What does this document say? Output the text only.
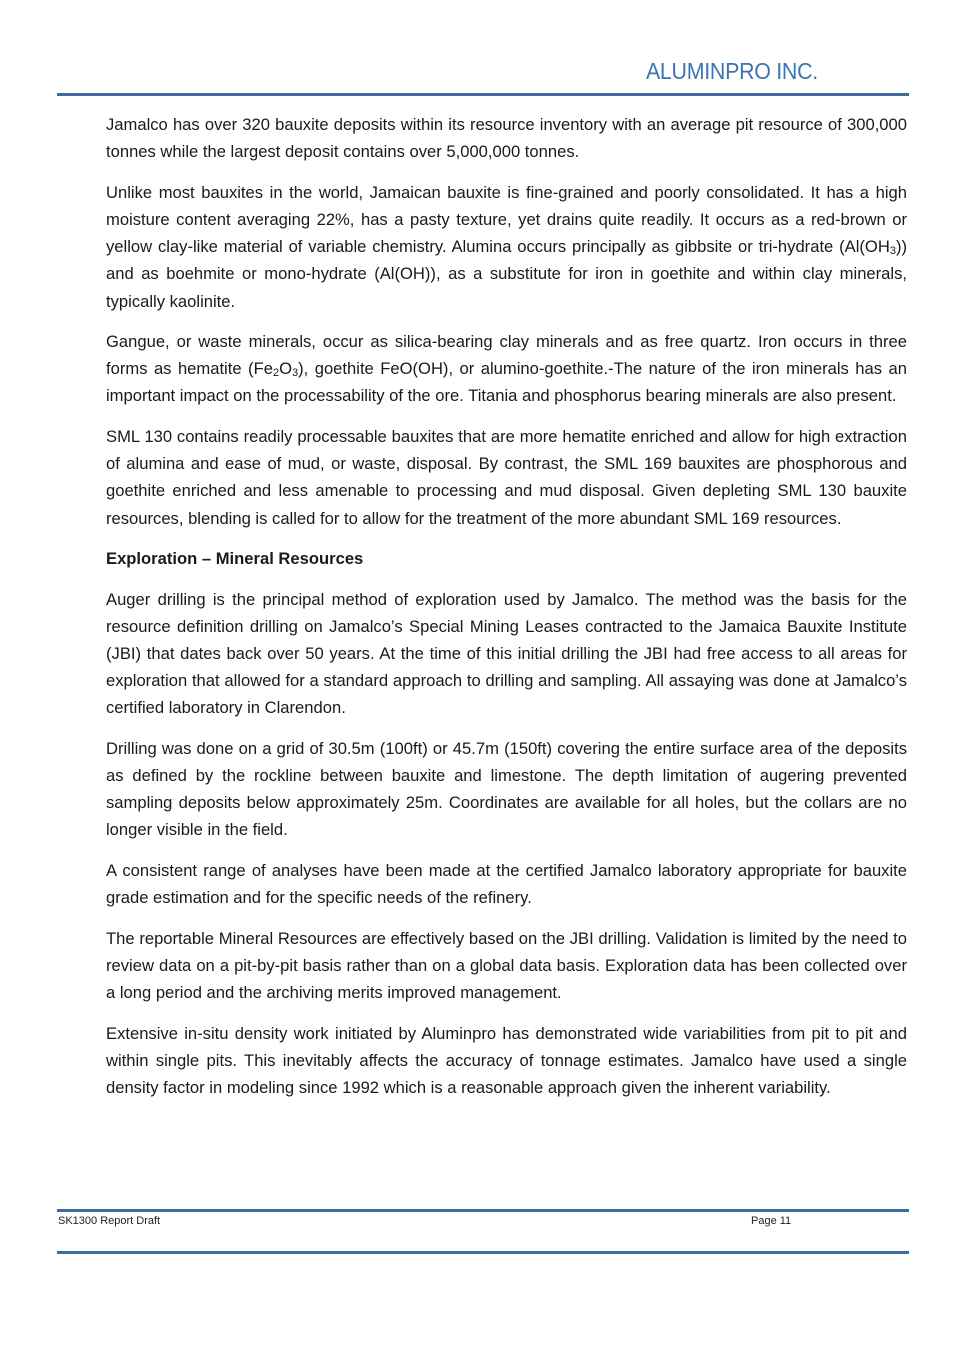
ALUMINPRO INC.

Jamalco has over 320 bauxite deposits within its resource inventory with an average pit resource of 300,000 tonnes while the largest deposit contains over 5,000,000 tonnes.

Unlike most bauxites in the world, Jamaican bauxite is fine-grained and poorly consolidated. It has a high moisture content averaging 22%, has a pasty texture, yet drains quite readily. It occurs as a red-brown or yellow clay-like material of variable chemistry. Alumina occurs principally as gibbsite or tri-hydrate $(Al(OH_3))$ and as boehmite or mono-hydrate (Al(OH)), as a substitute for iron in goethite and within clay minerals, typically kaolinite.

Gangue, or waste minerals, occur as silica-bearing clay minerals and as free quartz. Iron occurs in three forms as hematite $(Fe_2O_3)$, goethite FeO(OH), or alumino-goethite.-The nature of the iron minerals has an important impact on the processability of the ore. Titania and phosphorus bearing minerals are also present.

SML 130 contains readily processable bauxites that are more hematite enriched and allow for high extraction of alumina and ease of mud, or waste, disposal. By contrast, the SML 169 bauxites are phosphorous and goethite enriched and less amenable to processing and mud disposal. Given depleting SML 130 bauxite resources, blending is called for to allow for the treatment of the more abundant SML 169 resources.

Exploration – Mineral Resources

Auger drilling is the principal method of exploration used by Jamalco. The method was the basis for the resource definition drilling on Jamalco’s Special Mining Leases contracted to the Jamaica Bauxite Institute (JBI) that dates back over 50 years. At the time of this initial drilling the JBI had free access to all areas for exploration that allowed for a standard approach to drilling and sampling. All assaying was done at Jamalco’s certified laboratory in Clarendon.

Drilling was done on a grid of 30.5m (100ft) or 45.7m (150ft) covering the entire surface area of the deposits as defined by the rockline between bauxite and limestone. The depth limitation of augering prevented sampling deposits below approximately 25m. Coordinates are available for all holes, but the collars are no longer visible in the field.

A consistent range of analyses have been made at the certified Jamalco laboratory appropriate for bauxite grade estimation and for the specific needs of the refinery.

The reportable Mineral Resources are effectively based on the JBI drilling. Validation is limited by the need to review data on a pit-by-pit basis rather than on a global data basis. Exploration data has been collected over a long period and the archiving merits improved management.

Extensive in-situ density work initiated by Aluminpro has demonstrated wide variabilities from pit to pit and within single pits. This inevitably affects the accuracy of tonnage estimates. Jamalco have used a single density factor in modeling since 1992 which is a reasonable approach given the inherent variability.

SK1300 Report Draft	Page 11
